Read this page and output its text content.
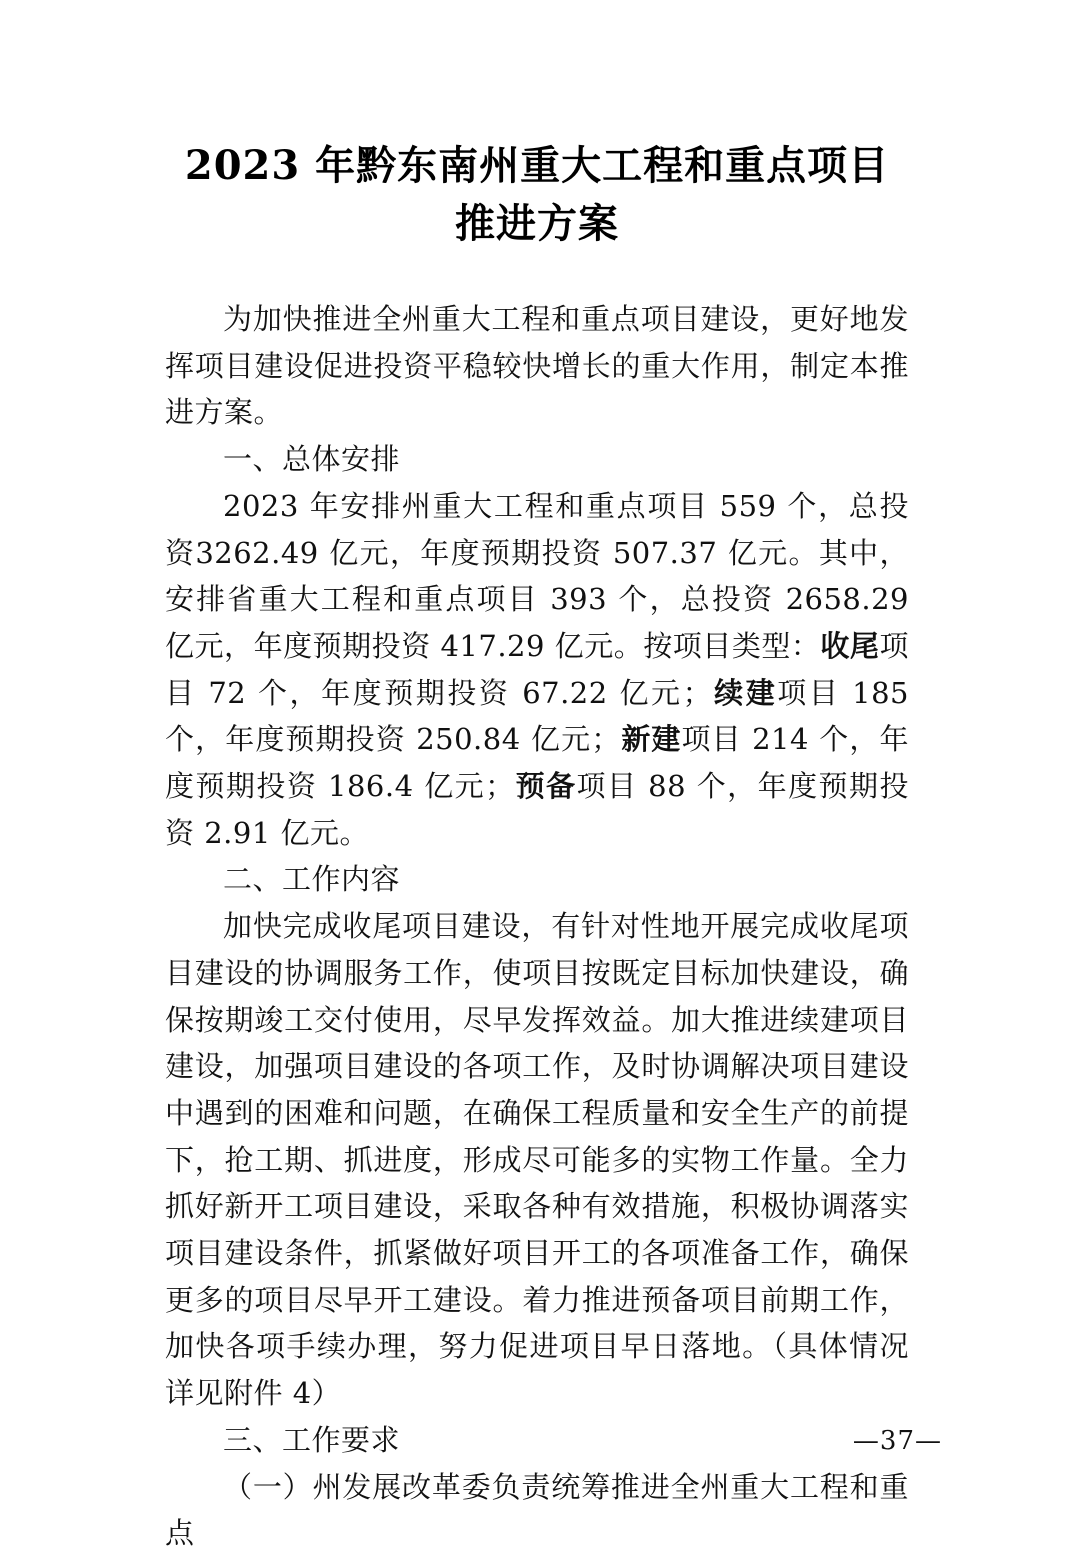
2023 年黔东南州重大工程和重点项目
推进方案

为加快推进全州重大工程和重点项目建设，更好地发挥项目建设促进投资平稳较快增长的重大作用，制定本推进方案。

一、总体安排

2023 年安排州重大工程和重点项目 559 个，总投资3262.49 亿元，年度预期投资 507.37 亿元。其中，安排省重大工程和重点项目 393 个，总投资 2658.29 亿元，年度预期投资 417.29 亿元。按项目类型：收尾项目 72 个，年度预期投资 67.22 亿元；续建项目 185 个，年度预期投资 250.84 亿元；新建项目 214 个，年度预期投资 186.4 亿元；预备项目 88 个，年度预期投资 2.91 亿元。

二、工作内容

加快完成收尾项目建设，有针对性地开展完成收尾项目建设的协调服务工作，使项目按既定目标加快建设，确保按期竣工交付使用，尽早发挥效益。加大推进续建项目建设，加强项目建设的各项工作，及时协调解决项目建设中遇到的困难和问题，在确保工程质量和安全生产的前提下，抢工期、抓进度，形成尽可能多的实物工作量。全力抓好新开工项目建设，采取各种有效措施，积极协调落实项目建设条件，抓紧做好项目开工的各项准备工作，确保更多的项目尽早开工建设。着力推进预备项目前期工作，加快各项手续办理，努力促进项目早日落地。（具体情况详见附件 4）

三、工作要求

（一）州发展改革委负责统筹推进全州重大工程和重点

—37—
